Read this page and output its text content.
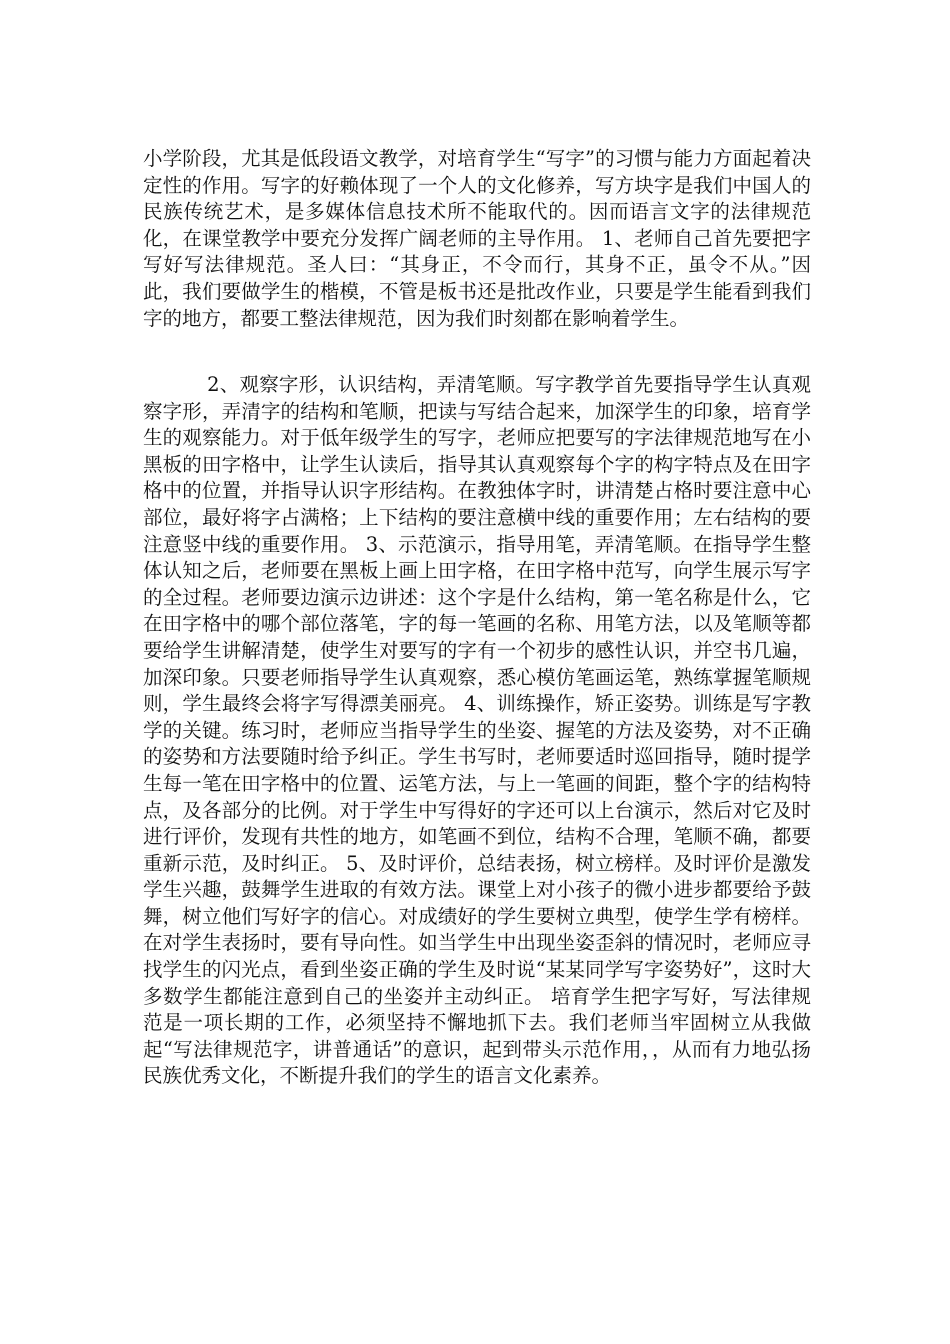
小学阶段，尤其是低段语文教学，对培育学生“写字”的习惯与能力方面起着决定性的作用。写字的好赖体现了一个人的文化修养，写方块字是我们中国人的民族传统艺术，是多媒体信息技术所不能取代的。因而语言文字的法律规范化，在课堂教学中要充分发挥广阔老师的主导作用。 1、老师自己首先要把字写好写法律规范。圣人曰：“其身正，不令而行，其身不正，虽令不从。”因此，我们要做学生的楷模，不管是板书还是批改作业，只要是学生能看到我们字的地方，都要工整法律规范，因为我们时刻都在影响着学生。

2、观察字形，认识结构，弄清笔顺。写字教学首先要指导学生认真观察字形，弄清字的结构和笔顺，把读与写结合起来，加深学生的印象，培育学生的观察能力。对于低年级学生的写字，老师应把要写的字法律规范地写在小黑板的田字格中，让学生认读后，指导其认真观察每个字的构字特点及在田字格中的位置，并指导认识字形结构。在教独体字时，讲清楚占格时要注意中心部位，最好将字占满格；上下结构的要注意横中线的重要作用；左右结构的要注意竖中线的重要作用。 3、示范演示，指导用笔，弄清笔顺。在指导学生整体认知之后，老师要在黑板上画上田字格，在田字格中范写，向学生展示写字的全过程。老师要边演示边讲述：这个字是什么结构，第一笔名称是什么，它在田字格中的哪个部位落笔，字的每一笔画的名称、用笔方法，以及笔顺等都要给学生讲解清楚，使学生对要写的字有一个初步的感性认识，并空书几遍，加深印象。只要老师指导学生认真观察，悉心模仿笔画运笔，熟练掌握笔顺规则，学生最终会将字写得漂美丽亮。 4、训练操作，矫正姿势。训练是写字教学的关键。练习时，老师应当指导学生的坐姿、握笔的方法及姿势，对不正确的姿势和方法要随时给予纠正。学生书写时，老师要适时巡回指导，随时提学生每一笔在田字格中的位置、运笔方法，与上一笔画的间距，整个字的结构特点，及各部分的比例。对于学生中写得好的字还可以上台演示，然后对它及时进行评价，发现有共性的地方，如笔画不到位，结构不合理，笔顺不确，都要重新示范，及时纠正。 5、及时评价，总结表扬，树立榜样。及时评价是激发学生兴趣，鼓舞学生进取的有效方法。课堂上对小孩子的微小进步都要给予鼓舞，树立他们写好字的信心。对成绩好的学生要树立典型，使学生学有榜样。在对学生表扬时，要有导向性。如当学生中出现坐姿歪斜的情况时，老师应寻找学生的闪光点，看到坐姿正确的学生及时说“某某同学写字姿势好”，这时大多数学生都能注意到自己的坐姿并主动纠正。 培育学生把字写好，写法律规范是一项长期的工作，必须坚持不懈地抓下去。我们老师当牢固树立从我做起“写法律规范字，讲普通话”的意识，起到带头示范作用，，从而有力地弘扬民族优秀文化，不断提升我们的学生的语言文化素养。
